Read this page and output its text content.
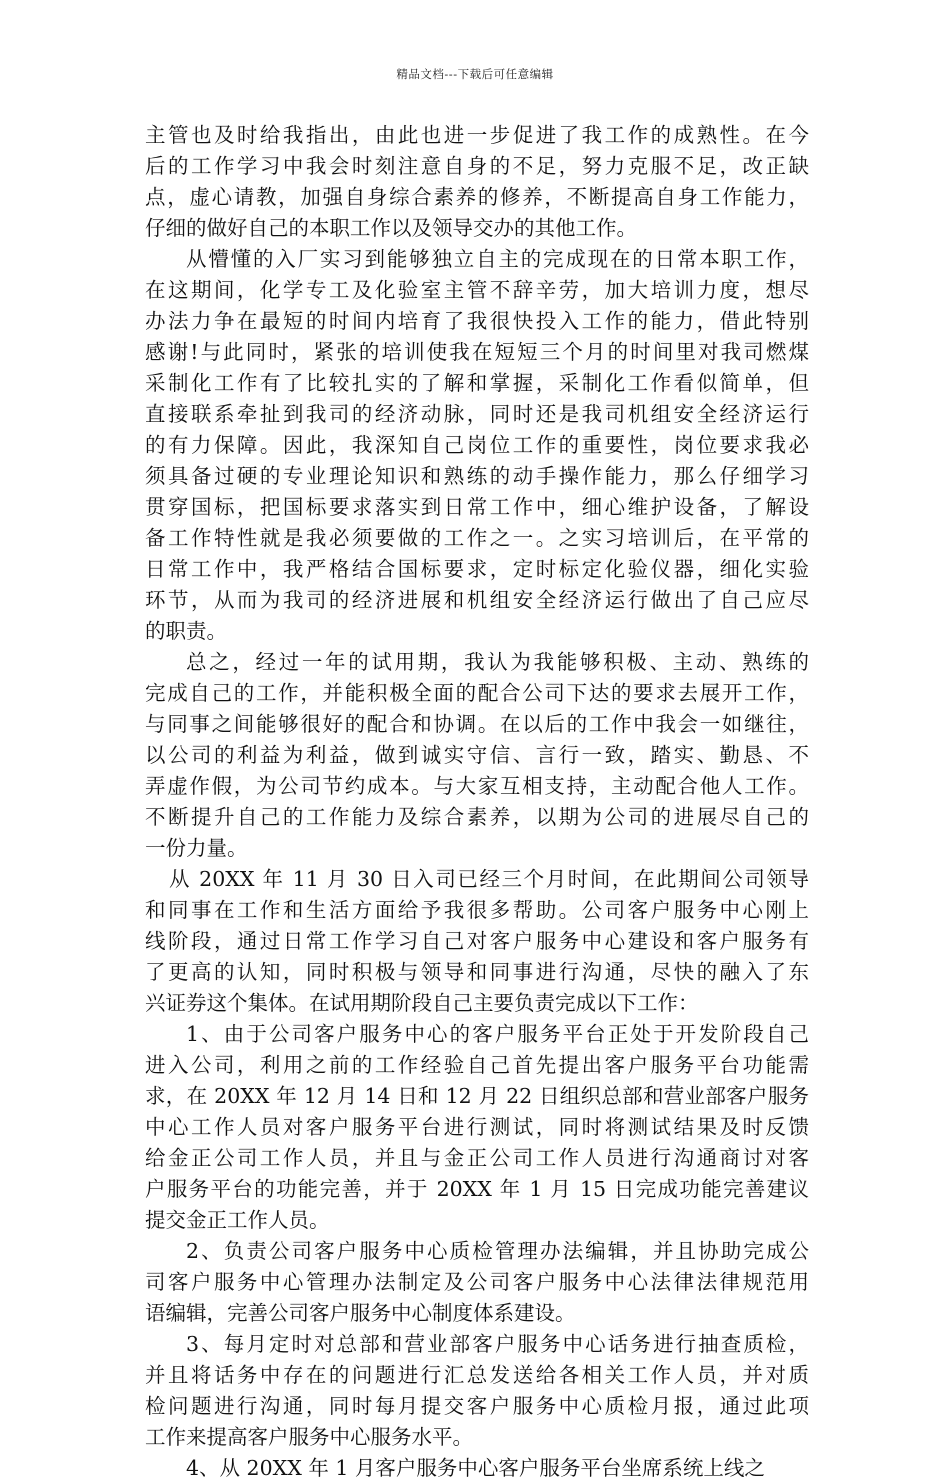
精品文档---下载后可任意编辑
主管也及时给我指出，由此也进一步促进了我工作的成熟性。在今
后的工作学习中我会时刻注意自身的不足，努力克服不足，改正缺
点，虚心请教，加强自身综合素养的修养，不断提高自身工作能力，
仔细的做好自己的本职工作以及领导交办的其他工作。
从懵懂的入厂实习到能够独立自主的完成现在的日常本职工作，
在这期间，化学专工及化验室主管不辞辛劳，加大培训力度，想尽
办法力争在最短的时间内培育了我很快投入工作的能力，借此特别
感谢!与此同时，紧张的培训使我在短短三个月的时间里对我司燃煤
采制化工作有了比较扎实的了解和掌握，采制化工作看似简单，但
直接联系牵扯到我司的经济动脉，同时还是我司机组安全经济运行
的有力保障。因此，我深知自己岗位工作的重要性，岗位要求我必
须具备过硬的专业理论知识和熟练的动手操作能力，那么仔细学习
贯穿国标，把国标要求落实到日常工作中，细心维护设备，了解设
备工作特性就是我必须要做的工作之一。之实习培训后，在平常的
日常工作中，我严格结合国标要求，定时标定化验仪器，细化实验
环节，从而为我司的经济进展和机组安全经济运行做出了自己应尽
的职责。
总之，经过一年的试用期，我认为我能够积极、主动、熟练的
完成自己的工作，并能积极全面的配合公司下达的要求去展开工作，
与同事之间能够很好的配合和协调。在以后的工作中我会一如继往，
以公司的利益为利益，做到诚实守信、言行一致，踏实、勤恳、不
弄虚作假，为公司节约成本。与大家互相支持，主动配合他人工作。
不断提升自己的工作能力及综合素养，以期为公司的进展尽自己的
一份力量。
从 20XX 年 11 月 30 日入司已经三个月时间，在此期间公司领导
和同事在工作和生活方面给予我很多帮助。公司客户服务中心刚上
线阶段，通过日常工作学习自己对客户服务中心建设和客户服务有
了更高的认知，同时积极与领导和同事进行沟通，尽快的融入了东
兴证券这个集体。在试用期阶段自己主要负责完成以下工作：
1、由于公司客户服务中心的客户服务平台正处于开发阶段自己
进入公司，利用之前的工作经验自己首先提出客户服务平台功能需
求，在 20XX 年 12 月 14 日和 12 月 22 日组织总部和营业部客户服务
中心工作人员对客户服务平台进行测试，同时将测试结果及时反馈
给金正公司工作人员，并且与金正公司工作人员进行沟通商讨对客
户服务平台的功能完善，并于 20XX 年 1 月 15 日完成功能完善建议
提交金正工作人员。
2、负责公司客户服务中心质检管理办法编辑，并且协助完成公
司客户服务中心管理办法制定及公司客户服务中心法律法律规范用
语编辑，完善公司客户服务中心制度体系建设。
3、每月定时对总部和营业部客户服务中心话务进行抽查质检，
并且将话务中存在的问题进行汇总发送给各相关工作人员，并对质
检问题进行沟通，同时每月提交客户服务中心质检月报，通过此项
工作来提高客户服务中心服务水平。
4、从 20XX 年 1 月客户服务中心客户服务平台坐席系统上线之
